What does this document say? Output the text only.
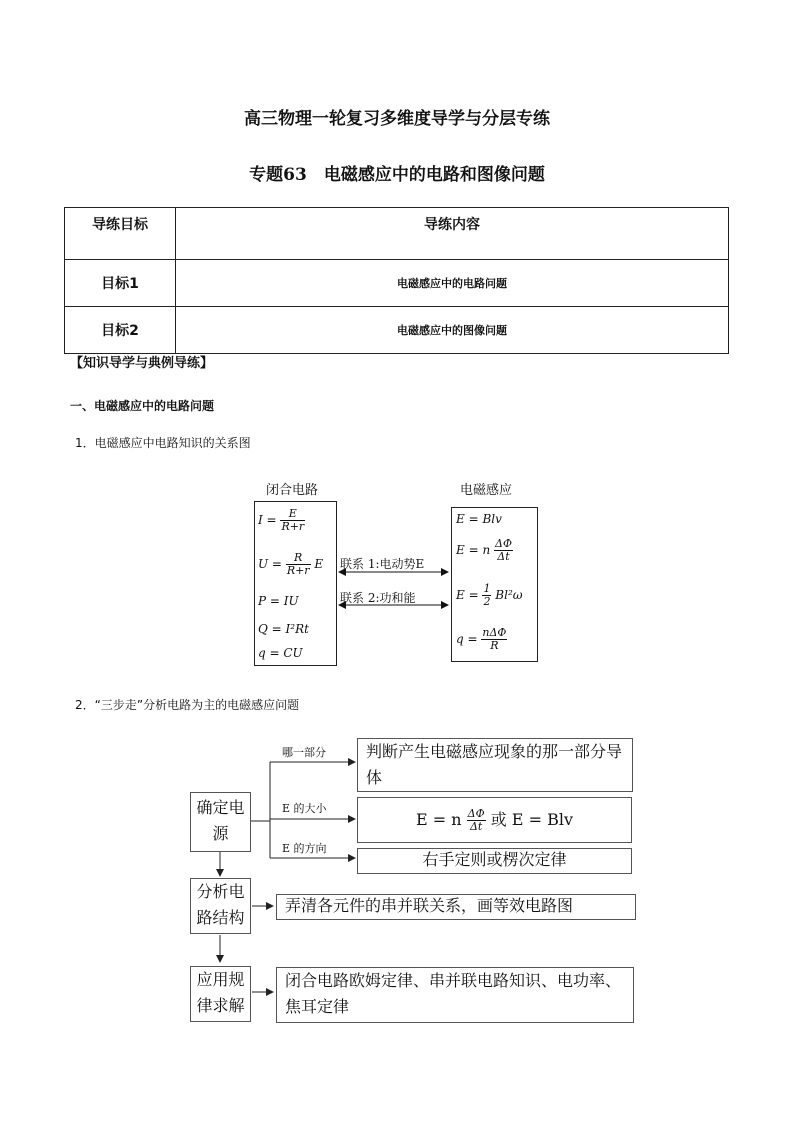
高三物理一轮复习多维度导学与分层专练
专题63　电磁感应中的电路和图像问题
导练目标	导练内容
目标1	电磁感应中的电路问题
目标2	电磁感应中的图像问题
【知识导学与典例导练】
一、电磁感应中的电路问题
1．电磁感应中电路知识的关系图
闭合电路	电磁感应
$I = \frac{E}{R+r}$
$U = \frac{R}{R+r}$ E
P = IU
Q = I²Rt
q = CU
E = Blv
E = n $\frac{\Delta\Phi}{\Delta t}$
$E = \frac{1}{2} Bl^2\omega$
$q = \frac{\text{nΔΦ}}{R}$
联系 1:电动势E
联系 2:功和能
2．“三步走”分析电路为主的电磁感应问题
确定电源
分析电路结构
应用规律求解
哪一部分
E 的大小
E 的方向
判断产生电磁感应现象的那一部分导体
E = n $\frac{\Delta\Phi}{\Delta t}$ 或 E = Blv
右手定则或楞次定律
弄清各元件的串并联关系，画等效电路图
闭合电路欧姆定律、串并联电路知识、电功率、焦耳定律
